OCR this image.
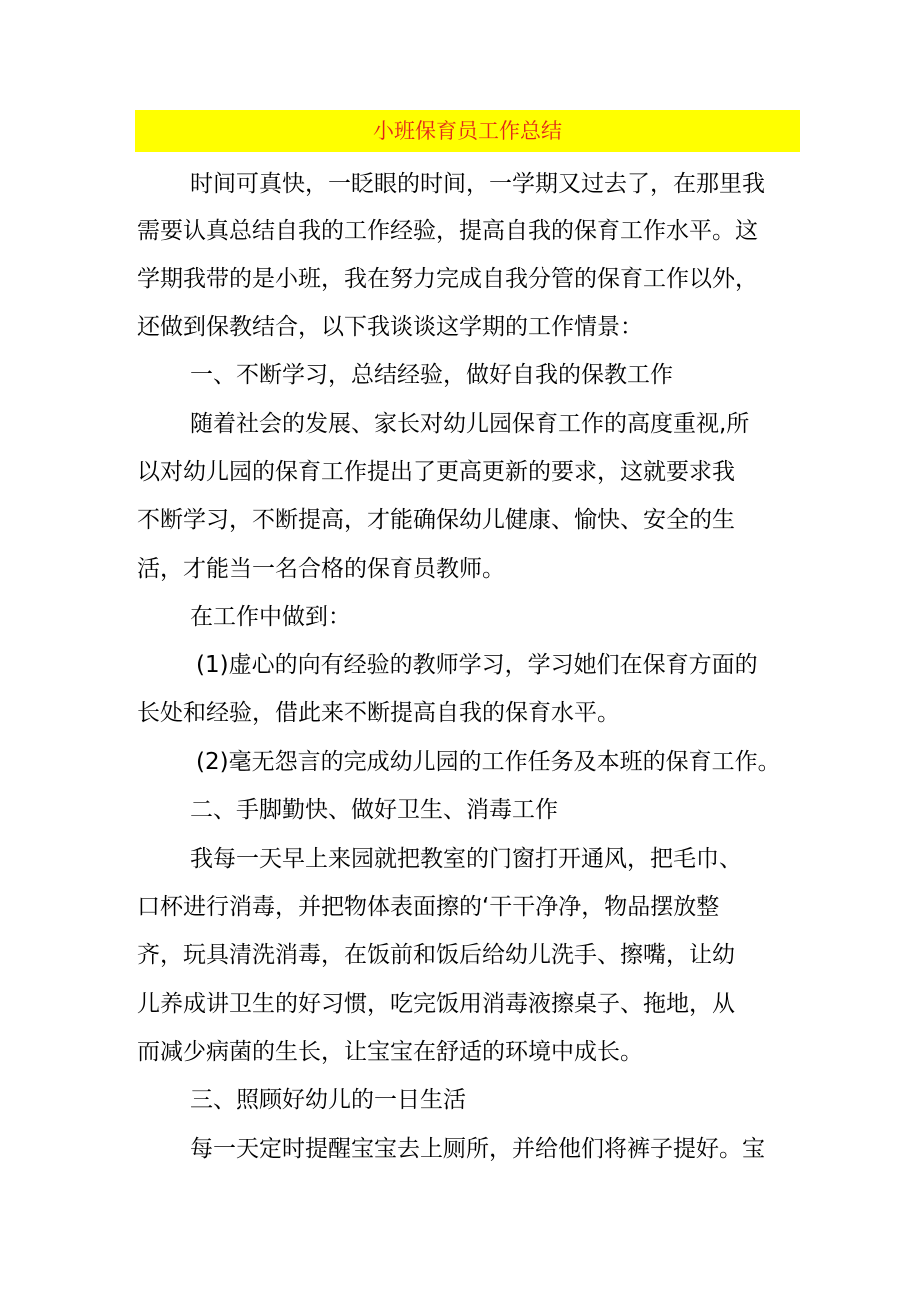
小班保育员工作总结
时间可真快，一眨眼的时间，一学期又过去了，在那里我
需要认真总结自我的工作经验，提高自我的保育工作水平。这
学期我带的是小班，我在努力完成自我分管的保育工作以外，
还做到保教结合，以下我谈谈这学期的工作情景：
一、不断学习，总结经验，做好自我的保教工作
随着社会的发展、家长对幼儿园保育工作的高度重视,所
以对幼儿园的保育工作提出了更高更新的要求，这就要求我
不断学习，不断提高，才能确保幼儿健康、愉快、安全的生
活，才能当一名合格的保育员教师。
在工作中做到：
(1)虚心的向有经验的教师学习，学习她们在保育方面的
长处和经验，借此来不断提高自我的保育水平。
(2)毫无怨言的完成幼儿园的工作任务及本班的保育工作。
二、手脚勤快、做好卫生、消毒工作
我每一天早上来园就把教室的门窗打开通风，把毛巾、
口杯进行消毒，并把物体表面擦的‘干干净净，物品摆放整
齐，玩具清洗消毒，在饭前和饭后给幼儿洗手、擦嘴，让幼
儿养成讲卫生的好习惯，吃完饭用消毒液擦桌子、拖地，从
而减少病菌的生长，让宝宝在舒适的环境中成长。
三、照顾好幼儿的一日生活
每一天定时提醒宝宝去上厕所，并给他们将裤子提好。宝
